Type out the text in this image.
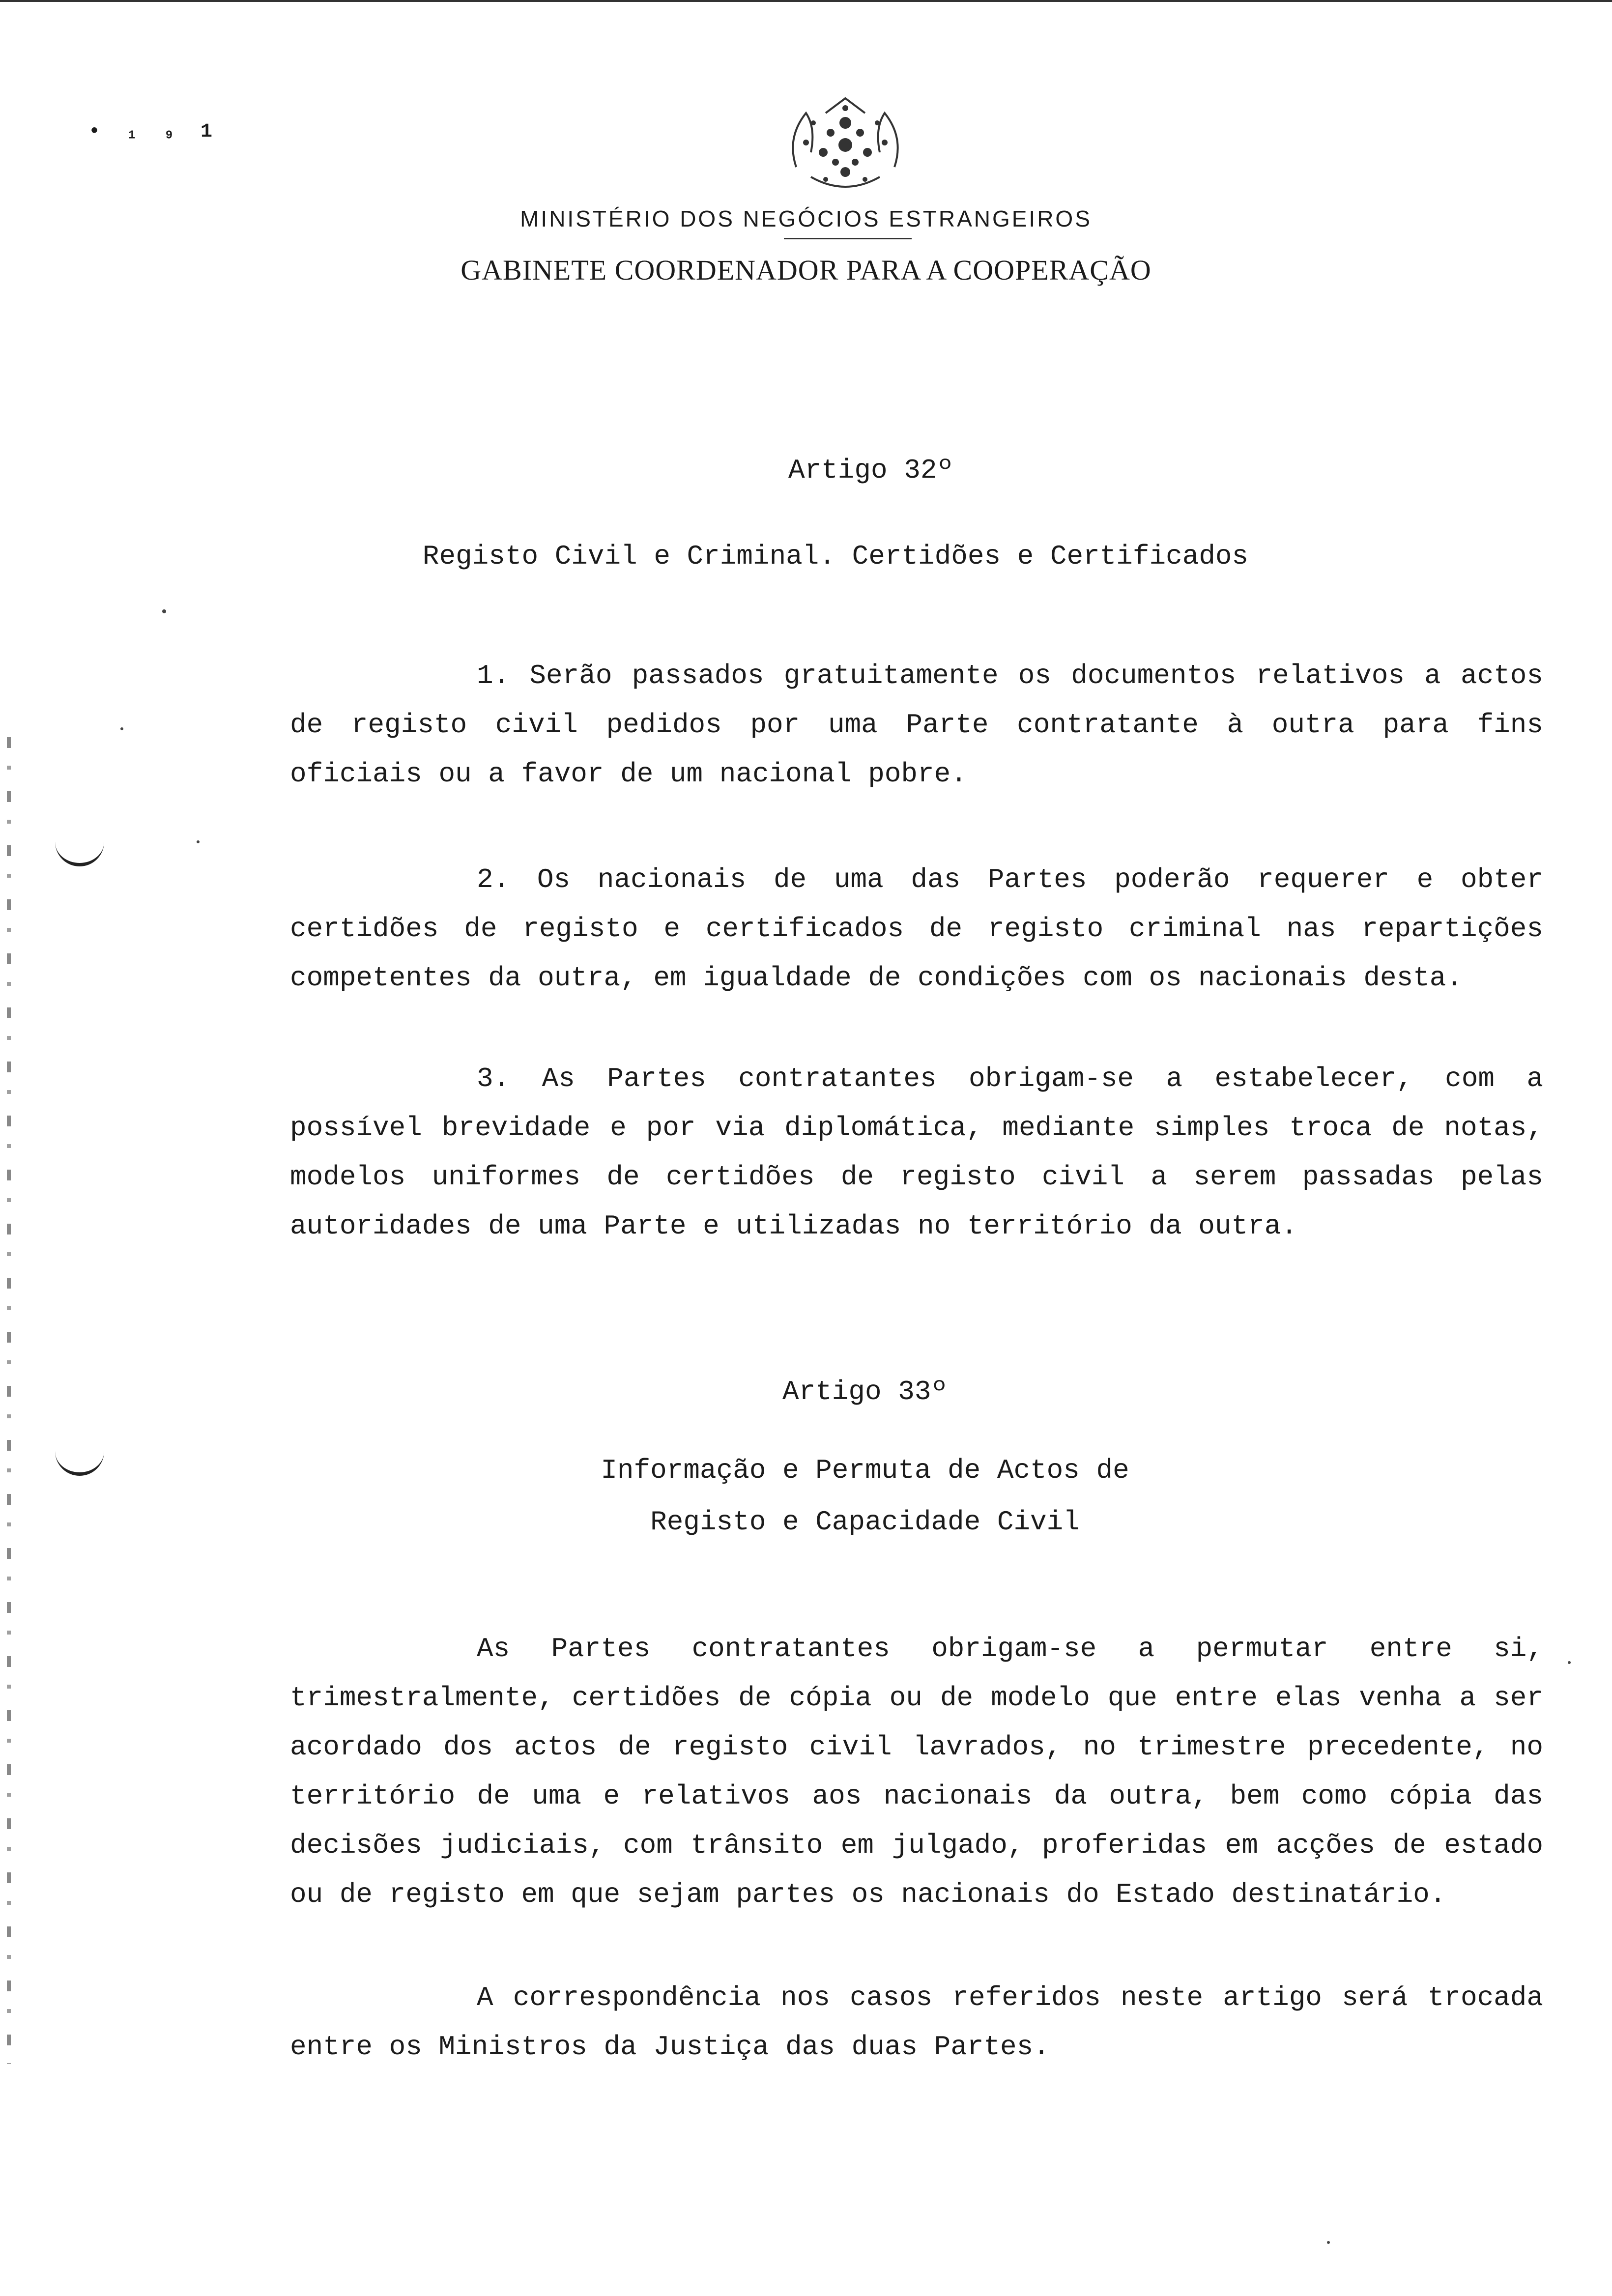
• ₁ ₉ 1
MINISTÉRIO DOS NEGÓCIOS ESTRANGEIROS
GABINETE COORDENADOR PARA A COOPERAÇÃO
Artigo 32º
Registo Civil e Criminal. Certidões e Certificados

1. Serão passados gratuitamente os documentos relativos a actos de registo civil pedidos por uma Parte contratante à outra para fins oficiais ou a favor de um nacional pobre.

2. Os nacionais de uma das Partes poderão requerer e obter certidões de registo e certificados de registo criminal nas repartições competentes da outra, em igualdade de condições com os nacionais desta.

3. As Partes contratantes obrigam-se a estabelecer, com a possível brevidade e por via diplomática, mediante simples troca de notas, modelos uniformes de certidões de registo civil a serem passadas pelas autoridades de uma Parte e utilizadas no território da outra.

Artigo 33º
Informação e Permuta de Actos de
Registo e Capacidade Civil

As Partes contratantes obrigam-se a permutar entre si, trimestralmente, certidões de cópia ou de modelo que entre elas venha a ser acordado dos actos de registo civil lavrados, no trimestre precedente, no território de uma e relativos aos nacionais da outra, bem como cópia das decisões judiciais, com trânsito em julgado, proferidas em acções de estado ou de registo em que sejam partes os nacionais do Estado destinatário.

A correspondência nos casos referidos neste artigo será trocada entre os Ministros da Justiça das duas Partes.
